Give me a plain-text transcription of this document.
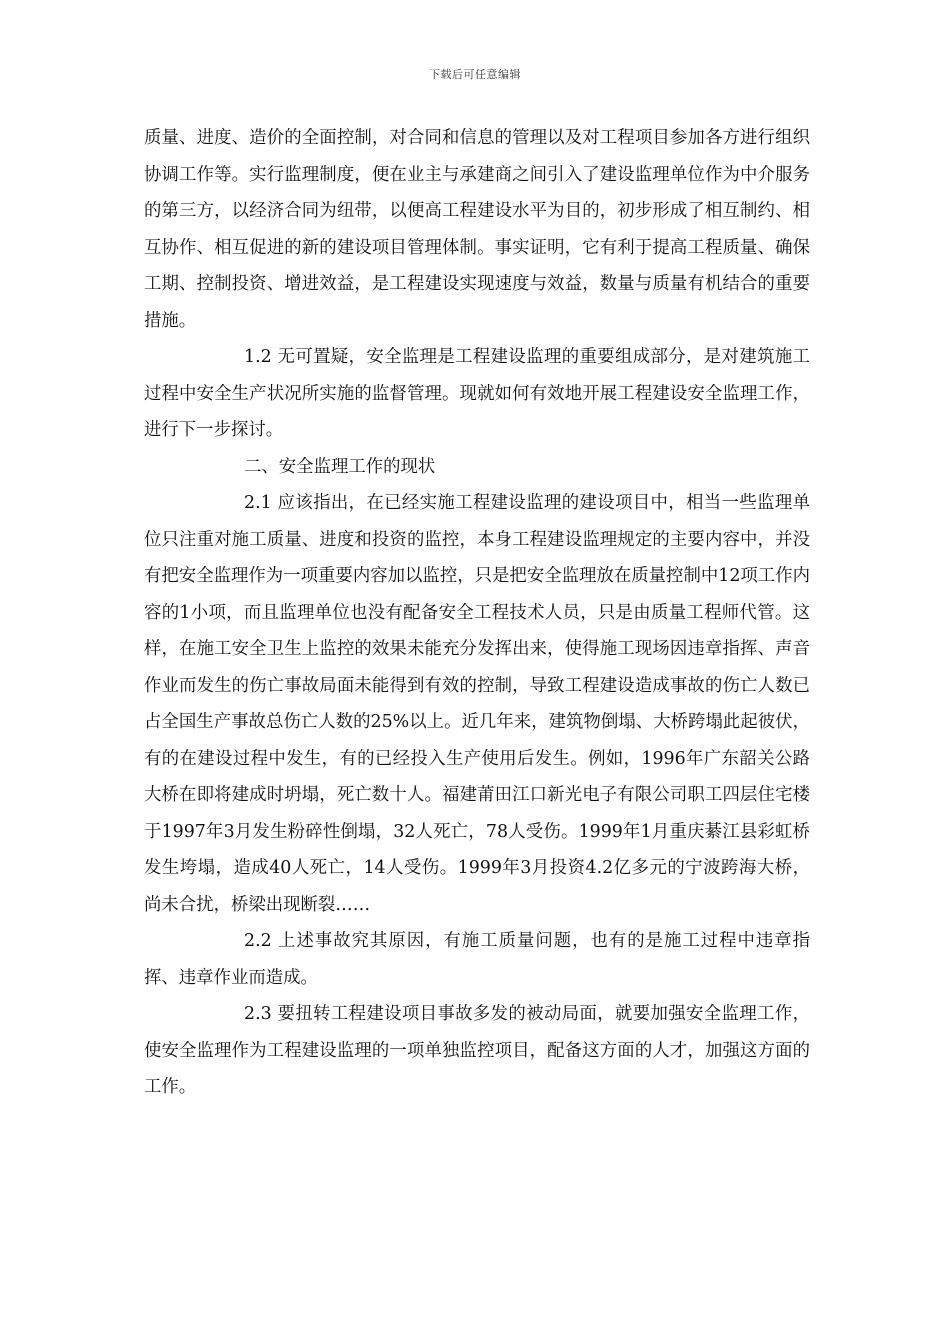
下载后可任意编辑

质量、进度、造价的全面控制，对合同和信息的管理以及对工程项目参加各方进行组织协调工作等。实行监理制度，便在业主与承建商之间引入了建设监理单位作为中介服务的第三方，以经济合同为纽带，以便高工程建设水平为目的，初步形成了相互制约、相互协作、相互促进的新的建设项目管理体制。事实证明，它有利于提高工程质量、确保工期、控制投资、增进效益，是工程建设实现速度与效益，数量与质量有机结合的重要措施。

1.2 无可置疑，安全监理是工程建设监理的重要组成部分，是对建筑施工过程中安全生产状况所实施的监督管理。现就如何有效地开展工程建设安全监理工作，进行下一步探讨。

二、安全监理工作的现状

2.1 应该指出，在已经实施工程建设监理的建设项目中，相当一些监理单位只注重对施工质量、进度和投资的监控，本身工程建设监理规定的主要内容中，并没有把安全监理作为一项重要内容加以监控，只是把安全监理放在质量控制中12项工作内容的1小项，而且监理单位也没有配备安全工程技术人员，只是由质量工程师代管。这样，在施工安全卫生上监控的效果未能充分发挥出来，使得施工现场因违章指挥、声音作业而发生的伤亡事故局面未能得到有效的控制，导致工程建设造成事故的伤亡人数已占全国生产事故总伤亡人数的25%以上。近几年来，建筑物倒塌、大桥跨塌此起彼伏，有的在建设过程中发生，有的已经投入生产使用后发生。例如，1996年广东韶关公路大桥在即将建成时坍塌，死亡数十人。福建莆田江口新光电子有限公司职工四层住宅楼于1997年3月发生粉碎性倒塌，32人死亡，78人受伤。1999年1月重庆綦江县彩虹桥发生垮塌，造成40人死亡，14人受伤。1999年3月投资4.2亿多元的宁波跨海大桥，尚未合扰，桥梁出现断裂……

2.2 上述事故究其原因，有施工质量问题，也有的是施工过程中违章指挥、违章作业而造成。

2.3 要扭转工程建设项目事故多发的被动局面，就要加强安全监理工作，使安全监理作为工程建设监理的一项单独监控项目，配备这方面的人才，加强这方面的工作。
